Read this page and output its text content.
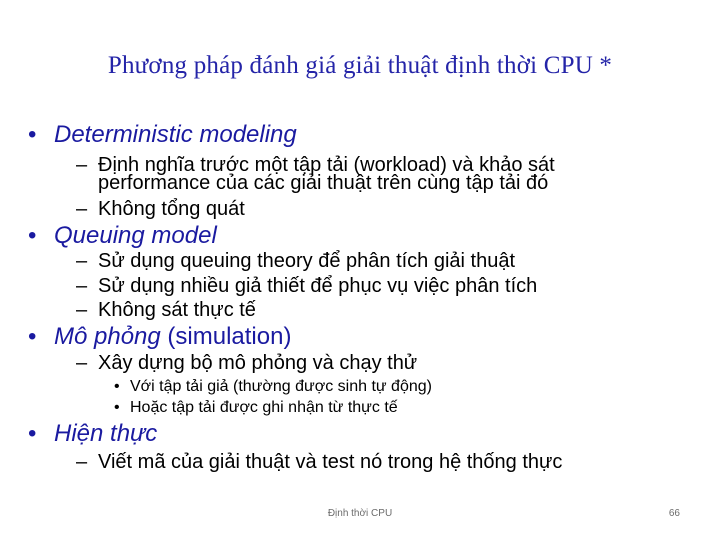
Phương pháp đánh giá giải thuật định thời CPU *
• Deterministic modeling
– Định nghĩa trước một tập tải (workload) và khảo sát
performance của các giải thuật trên cùng tập tải đó
– Không tổng quát
• Queuing model
– Sử dụng queuing theory để phân tích giải thuật
– Sử dụng nhiều giả thiết để phục vụ việc phân tích
– Không sát thực tế
• Mô phỏng (simulation)
– Xây dựng bộ mô phỏng và chạy thử
• Với tập tải giả (thường được sinh tự động)
• Hoặc tập tải được ghi nhận từ thực tế
• Hiện thực
– Viết mã của giải thuật và test nó trong hệ thống thực
Định thời CPU	66
